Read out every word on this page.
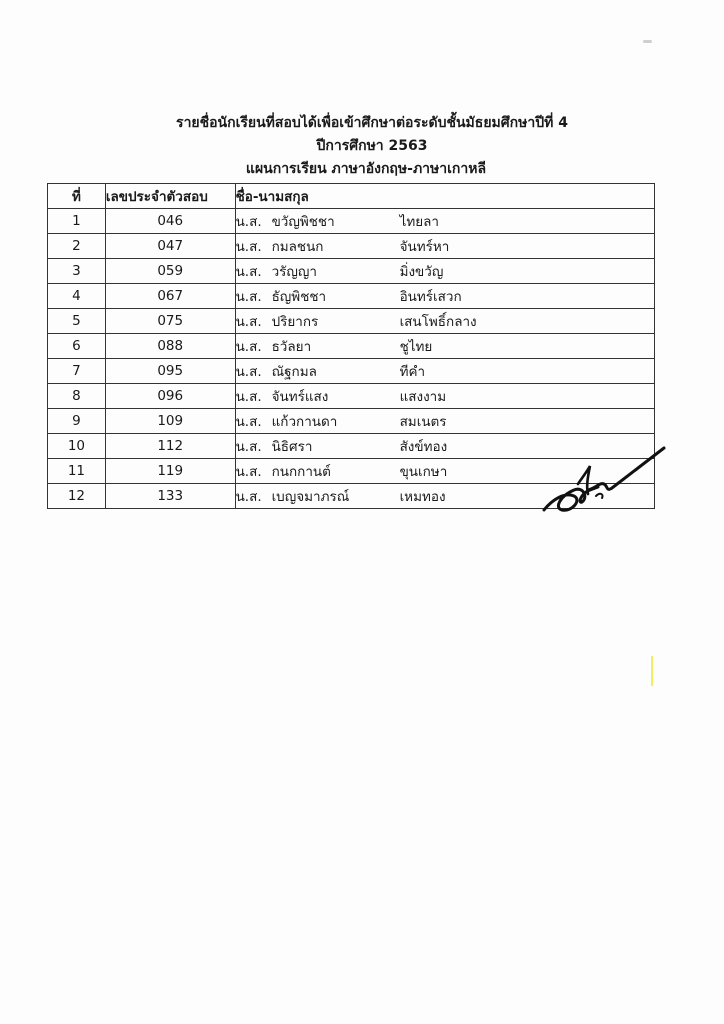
รายชื่อนักเรียนที่สอบได้เพื่อเข้าศึกษาต่อระดับชั้นมัธยมศึกษาปีที่ 4
ปีการศึกษา 2563
แผนการเรียน ภาษาอังกฤษ-ภาษาเกาหลี
ที่	เลขประจำตัวสอบ	ชื่อ-นามสกุล
1	046	น.ส. ขวัญพิชชา ไทยลา
2	047	น.ส. กมลชนก จันทร์หา
3	059	น.ส. วรัญญา มิ่งขวัญ
4	067	น.ส. ธัญพิชชา อินทร์เสวก
5	075	น.ส. ปริยากร เสนโพธิ์กลาง
6	088	น.ส. ธวัลยา ชูไทย
7	095	น.ส. ณัฐกมล ทีคำ
8	096	น.ส. จันทร์แสง แสงงาม
9	109	น.ส. แก้วกานดา สมเนตร
10	112	น.ส. นิธิศรา สังข์ทอง
11	119	น.ส. กนกกานต์ ขุนเกษา
12	133	น.ส. เบญจมาภรณ์ เหมทอง
